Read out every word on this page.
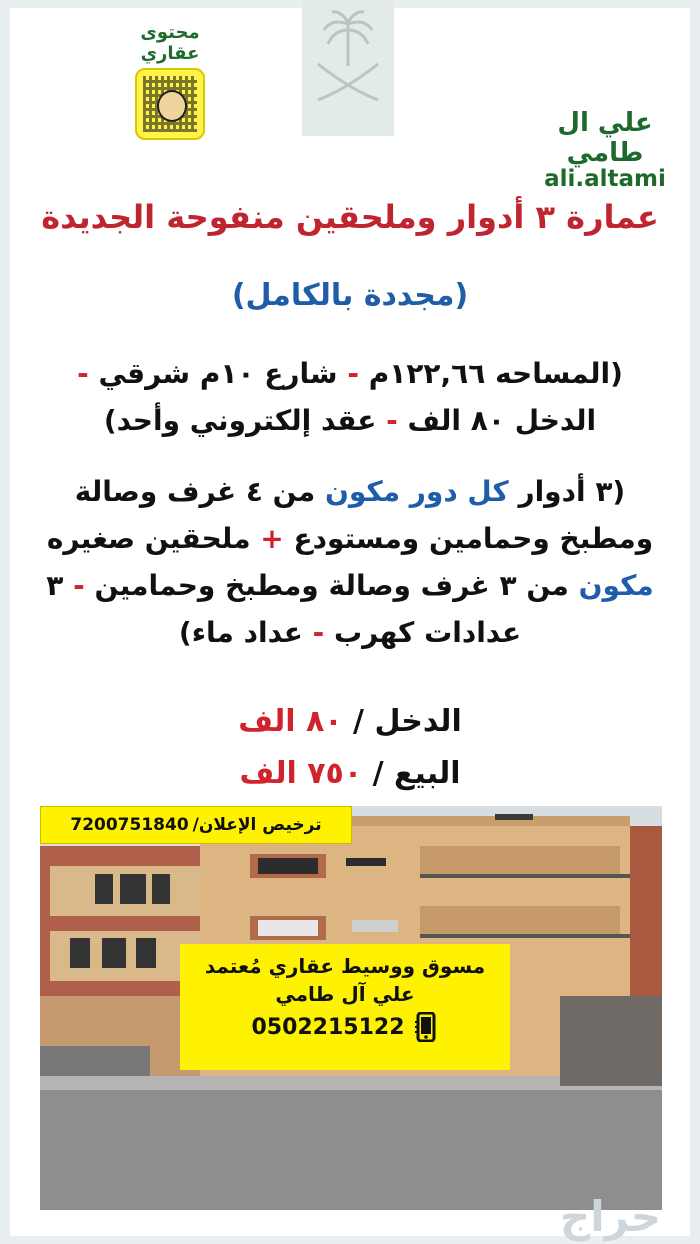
محتوى عقاري
علي ال طامي
ali.altami
عمارة ٣ أدوار وملحقين منفوحة الجديدة
(مجددة بالكامل)
(المساحه ١٢٢,٦٦م - شارع ١٠م شرقي -
الدخل ٨٠ الف - عقد إلكتروني وأحد)
(٣ أدوار كل دور مكون من ٤ غرف وصالة ومطبخ وحمامين ومستودع + ملحقين صغيره مكون من ٣ غرف وصالة ومطبخ وحمامين - ٣ عدادات كهرب - عداد ماء)
الدخل / ٨٠ الف
البيع / ٧٥٠ الف
ترخيص الإعلان/
7200751840
مسوق ووسيط عقاري مُعتمد
علي آل طامي
0502215122
حراج
